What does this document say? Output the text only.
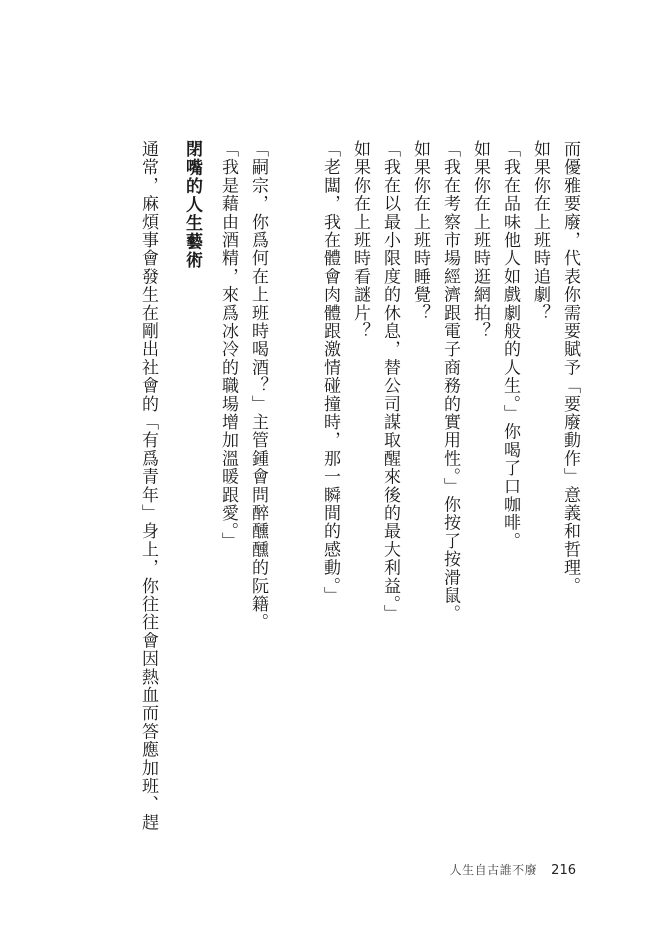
而優雅要廢，代表你需要賦予「要廢動作」意義和哲理。
如果你在上班時追劇？
「我在品味他人如戲劇般的人生。」你喝了口咖啡。
如果你在上班時逛網拍？
「我在考察市場經濟跟電子商務的實用性。」你按了按滑鼠。
如果你在上班時睡覺？
「我在以最小限度的休息，替公司謀取醒來後的最大利益。」
如果你在上班時看謎片？
「老闆，我在體會肉體跟激情碰撞時，那一瞬間的感動。」
「嗣宗，你爲何在上班時喝酒？」主管鍾會問醉醺醺的阮籍。
「我是藉由酒精，來爲冰冷的職場增加溫暖跟愛。」
閉嘴的人生藝術
通常，麻煩事會發生在剛出社會的「有爲青年」身上，你往往會因熱血而答應加班、趕
人生自古誰不廢 216
